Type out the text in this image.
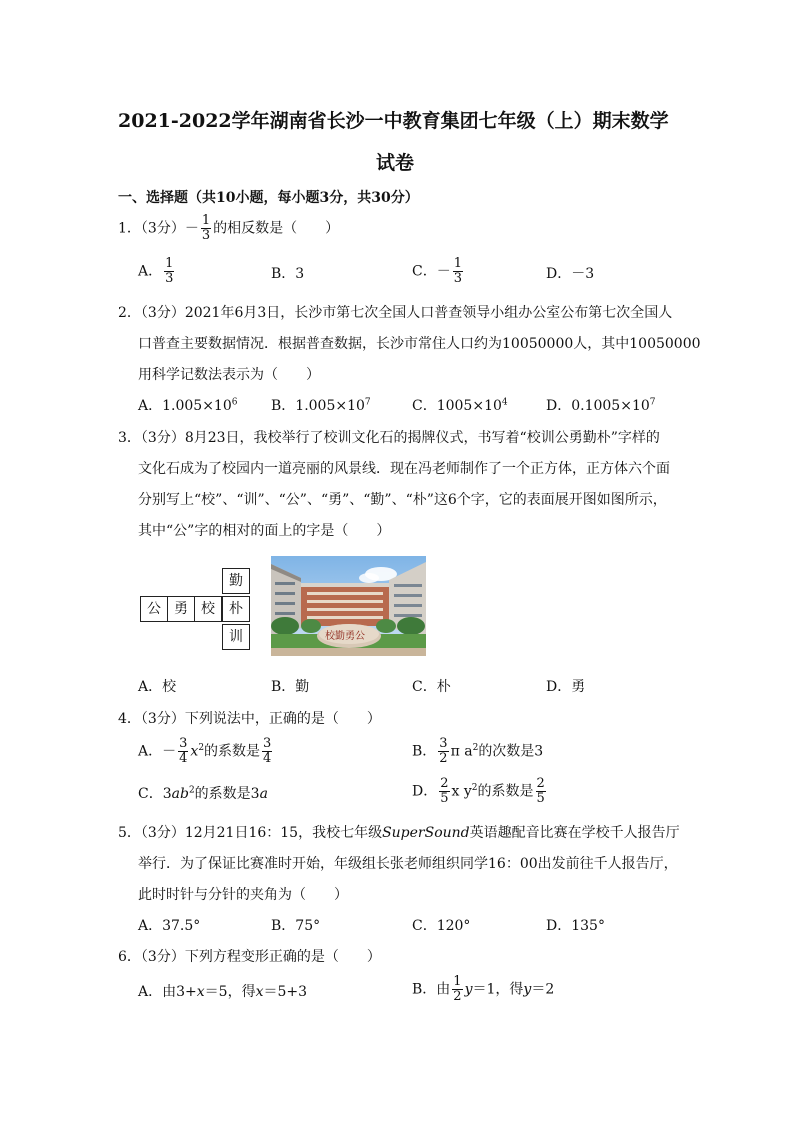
2021-2022学年湖南省长沙一中教育集团七年级（上）期末数学
试卷
一、选择题（共10小题，每小题3分，共30分）
1．（3分）－ $\frac{1}{3}$ 的相反数是（　　）
A． $\frac{1}{3}$	B．3	C．－ $\frac{1}{3}$	D．－3
2．（3分）2021年6月3日，长沙市第七次全国人口普查领导小组办公室公布第七次全国人
口普查主要数据情况．根据普查数据，长沙市常住人口约为10050000人，其中10050000
用科学记数法表示为（　　）
A．$1.005\times 10^6$ B．$1.005\times 10^7$	C．$1005\times 10^4$	D．$0.1005\times 10^7$
3．（3分）8月23日，我校举行了校训文化石的揭牌仪式，书写着“校训公勇勤朴”字样的
文化石成为了校园内一道亮丽的风景线．现在冯老师制作了一个正方体，正方体六个面
分别写上“校”、“训”、“公”、“勇”、“勤”、“朴”这6个字，它的表面展开图如图所示，
其中“公”字的相对的面上的字是（　　）
勤
公 勇 校	朴
训	校勤勇公
A．校	B．勤	C．朴	D．勇
4．（3分）下列说法中，正确的是（　　）
A．－ $\frac{3}{4} x^2$的系数是 $\frac{3}{4}$	B． $\frac{3}{2}$ π $a^2$的次数是3
C．$3ab^2$的系数是3a	D． $\frac{2}{5}$ x $y^2$的系数是 $\frac{2}{5}$
5．（3分）12月21日16：15，我校七年级SuperSound英语趣配音比赛在学校千人报告厅
举行．为了保证比赛准时开始，年级组长张老师组织同学16：00出发前往千人报告厅，
此时时针与分针的夹角为（　　）
A．37.5°	B．75°	C．120°	D．135°
6．（3分）下列方程变形正确的是（　　）
A．由3+x＝5，得x＝5+3	B．由 $\frac{1}{2} y=1$，得y＝2
